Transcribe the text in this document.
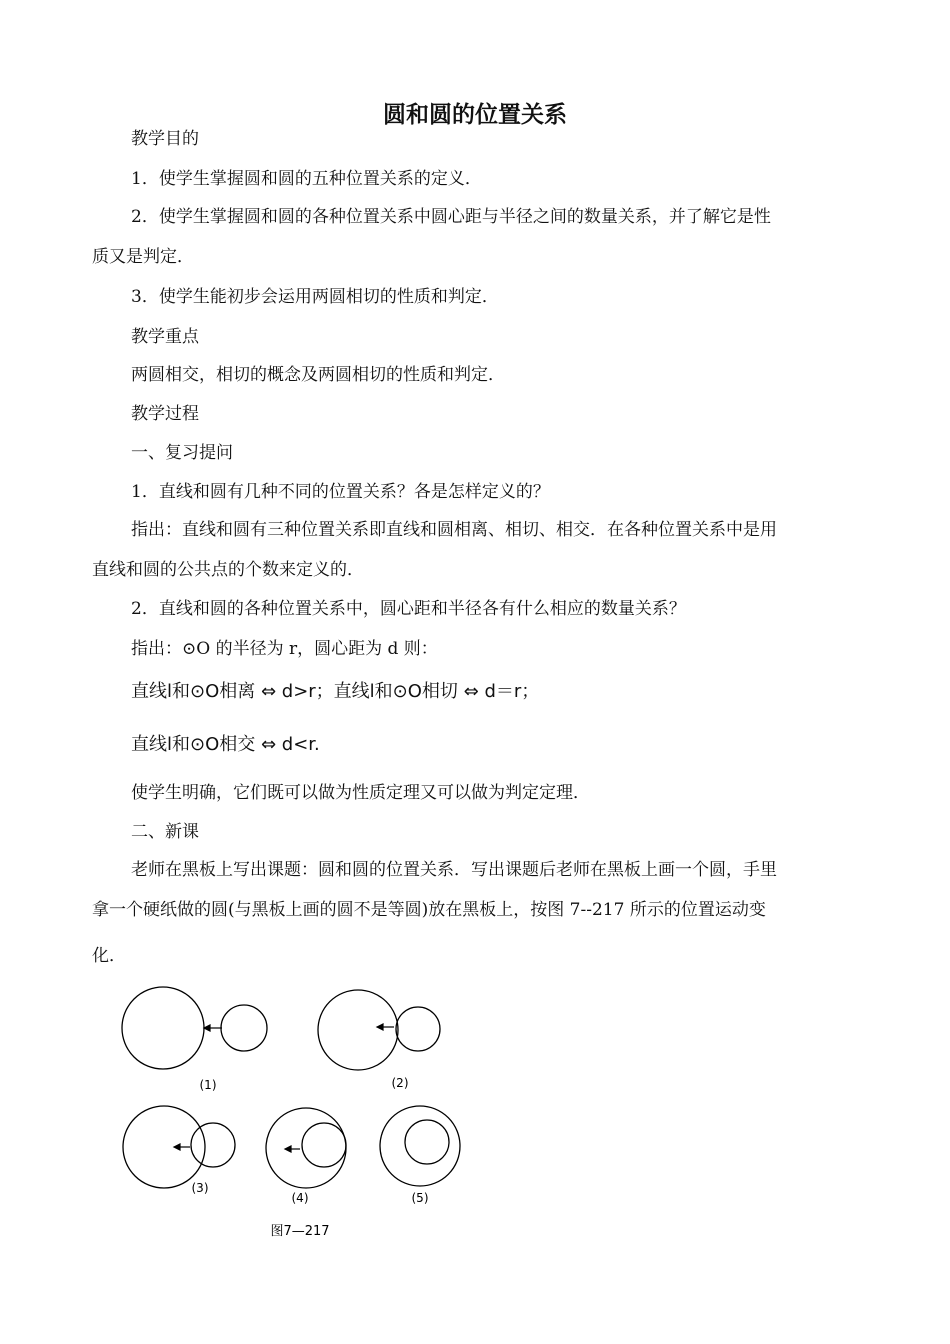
圆和圆的位置关系
教学目的
1．使学生掌握圆和圆的五种位置关系的定义．
2．使学生掌握圆和圆的各种位置关系中圆心距与半径之间的数量关系，并了解它是性
质又是判定．
3．使学生能初步会运用两圆相切的性质和判定．
教学重点
两圆相交，相切的概念及两圆相切的性质和判定．
教学过程
一、复习提问
1．直线和圆有几种不同的位置关系？各是怎样定义的？
指出：直线和圆有三种位置关系即直线和圆相离、相切、相交．在各种位置关系中是用
直线和圆的公共点的个数来定义的．
2．直线和圆的各种位置关系中，圆心距和半径各有什么相应的数量关系？
指出：⊙O 的半径为 r，圆心距为 d 则：
直线l和⊙O相离 ⇔ d>r；直线l和⊙O相切 ⇔ d＝r；
直线l和⊙O相交 ⇔ d<r.
使学生明确，它们既可以做为性质定理又可以做为判定定理．
二、新课
老师在黑板上写出课题：圆和圆的位置关系．写出课题后老师在黑板上画一个圆，手里
拿一个硬纸做的圆(与黑板上画的圆不是等圆)放在黑板上，按图 7--217 所示的位置运动变
化．
(1)	(2)
(3)
(4)	(5)
图7—217
